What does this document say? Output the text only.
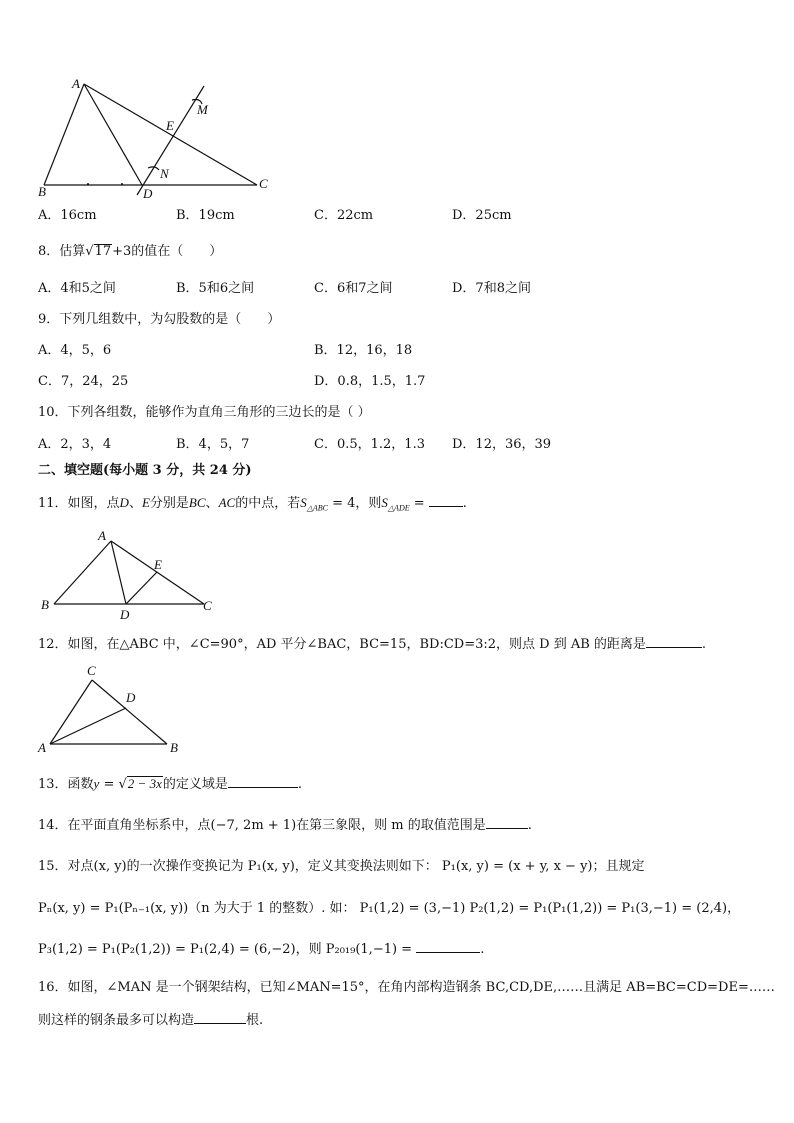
A
B
C
D
E
M
N
A．16cm	B．19cm	C．22cm	D．25cm
8．估算√17+3的值在（　　）
A．4和5之间	B．5和6之间	C．6和7之间	D．7和8之间
9．下列几组数中，为勾股数的是（　　）
A．4，5，6	B．12，16，18
C．7，24，25	D．0.8，1.5，1.7
10．下列各组数，能够作为直角三角形的三边长的是（ ）
A．2，3，4	B．4，5，7	C．0.5，1.2，1.3 D．12，36，39
二、填空题(每小题 3 分，共 24 分)
11．如图，点D、E分别是BC、AC的中点，若$S_{\triangle ABC} = 4$，则$S_{\triangle ADE}$ =	.
A
B	C
D
E
12．如图，在△ABC 中，∠C=90°，AD 平分∠BAC，BC=15，BD:CD=3:2，则点 D 到 AB 的距离是	.
A	B
C
D
13．函数y = √2 − 3x的定义域是	.
14．在平面直角坐标系中，点(−7, 2m + 1)在第三象限，则 m 的取值范围是	.
15．对点(x, y)的一次操作变换记为 P₁(x, y)，定义其变换法则如下： P₁(x, y) = (x + y, x − y)；且规定
Pₙ(x, y) = P₁(Pₙ₋₁(x, y))（n 为大于 1 的整数）. 如： P₁(1,2) = (3,−1) P₂(1,2) = P₁(P₁(1,2)) = P₁(3,−1) = (2,4)，
P₃(1,2) = P₁(P₂(1,2)) = P₁(2,4) = (6,−2)，则 P₂₀₁₉(1,−1) =	.
16．如图，∠MAN 是一个钢架结构，已知∠MAN=15°，在角内部构造钢条 BC,CD,DE,……且满足 AB=BC=CD=DE=……
则这样的钢条最多可以构造	根.
